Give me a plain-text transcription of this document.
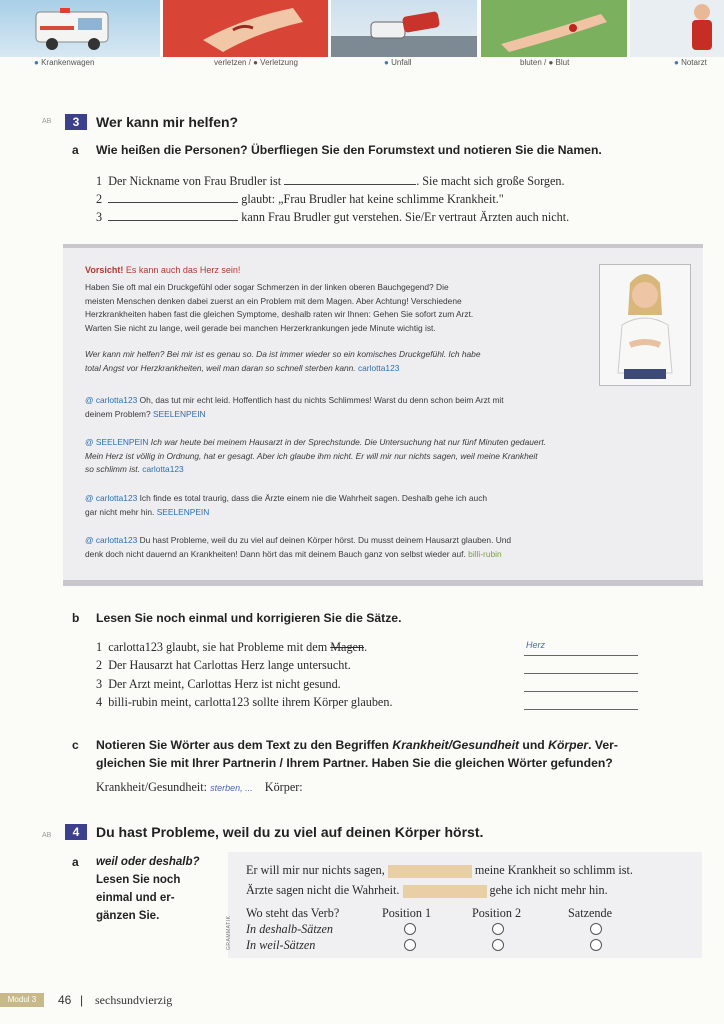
● Krankenwagen	verletzen / ● Verletzung	● Unfall	bluten / ● Blut	● Notarzt
AB	3	Wer kann mir helfen?
a Wie heißen die Personen? Überfliegen Sie den Forumstext und notieren Sie die Namen.
1 Der Nickname von Frau Brudler ist	. Sie macht sich große Sorgen.
2	glaubt: „Frau Brudler hat keine schlimme Krankheit."
3	kann Frau Brudler gut verstehen. Sie/Er vertraut Ärzten auch nicht.
Vorsicht! Es kann auch das Herz sein!
Haben Sie oft mal ein Druckgefühl oder sogar Schmerzen in der linken oberen Bauchgegend? Die
meisten Menschen denken dabei zuerst an ein Problem mit dem Magen. Aber Achtung! Verschiedene
Herzkrankheiten haben fast die gleichen Symptome, deshalb raten wir Ihnen: Gehen Sie sofort zum Arzt.
Warten Sie nicht zu lange, weil gerade bei manchen Herzerkrankungen jede Minute wichtig ist.
Wer kann mir helfen? Bei mir ist es genau so. Da ist immer wieder so ein komisches Druckgefühl. Ich habe
total Angst vor Herzkrankheiten, weil man daran so schnell sterben kann. carlotta123
@ carlotta123 Oh, das tut mir echt leid. Hoffentlich hast du nichts Schlimmes! Warst du denn schon beim Arzt mit
deinem Problem? SEELENPEIN
@ SEELENPEIN Ich war heute bei meinem Hausarzt in der Sprechstunde. Die Untersuchung hat nur fünf Minuten gedauert.
Mein Herz ist völlig in Ordnung, hat er gesagt. Aber ich glaube ihm nicht. Er will mir nur nichts sagen, weil meine Krankheit
so schlimm ist. carlotta123
@ carlotta123 Ich finde es total traurig, dass die Ärzte einem nie die Wahrheit sagen. Deshalb gehe ich auch
gar nicht mehr hin. SEELENPEIN
@ carlotta123 Du hast Probleme, weil du zu viel auf deinen Körper hörst. Du musst deinem Hausarzt glauben. Und
denk doch nicht dauernd an Krankheiten! Dann hört das mit deinem Bauch ganz von selbst wieder auf. billi-rubin
b Lesen Sie noch einmal und korrigieren Sie die Sätze.
1 carlotta123 glaubt, sie hat Probleme mit dem Magen.
2 Der Hausarzt hat Carlottas Herz lange untersucht.
3 Der Arzt meint, Carlottas Herz ist nicht gesund.
4 billi-rubin meint, carlotta123 sollte ihrem Körper glauben.
Herz
c Notieren Sie Wörter aus dem Text zu den Begriffen Krankheit/Gesundheit und Körper. Ver-
gleichen Sie mit Ihrer Partnerin / Ihrem Partner. Haben Sie die gleichen Wörter gefunden?
Krankheit/Gesundheit: sterben, ... Körper:
AB	4	Du hast Probleme, weil du zu viel auf deinen Körper hörst.
a weil oder deshalb?
Lesen Sie noch
einmal und er-
gänzen Sie.
Er will mir nur nichts sagen,	meine Krankheit so schlimm ist.
Ärzte sagen nicht die Wahrheit.	gehe ich nicht mehr hin.
GRAMMATIK
Wo steht das Verb?	Position 1	Position 2	Satzende
In deshalb-Sätzen
In weil-Sätzen
Modul 3	46 | sechsundvierzig
